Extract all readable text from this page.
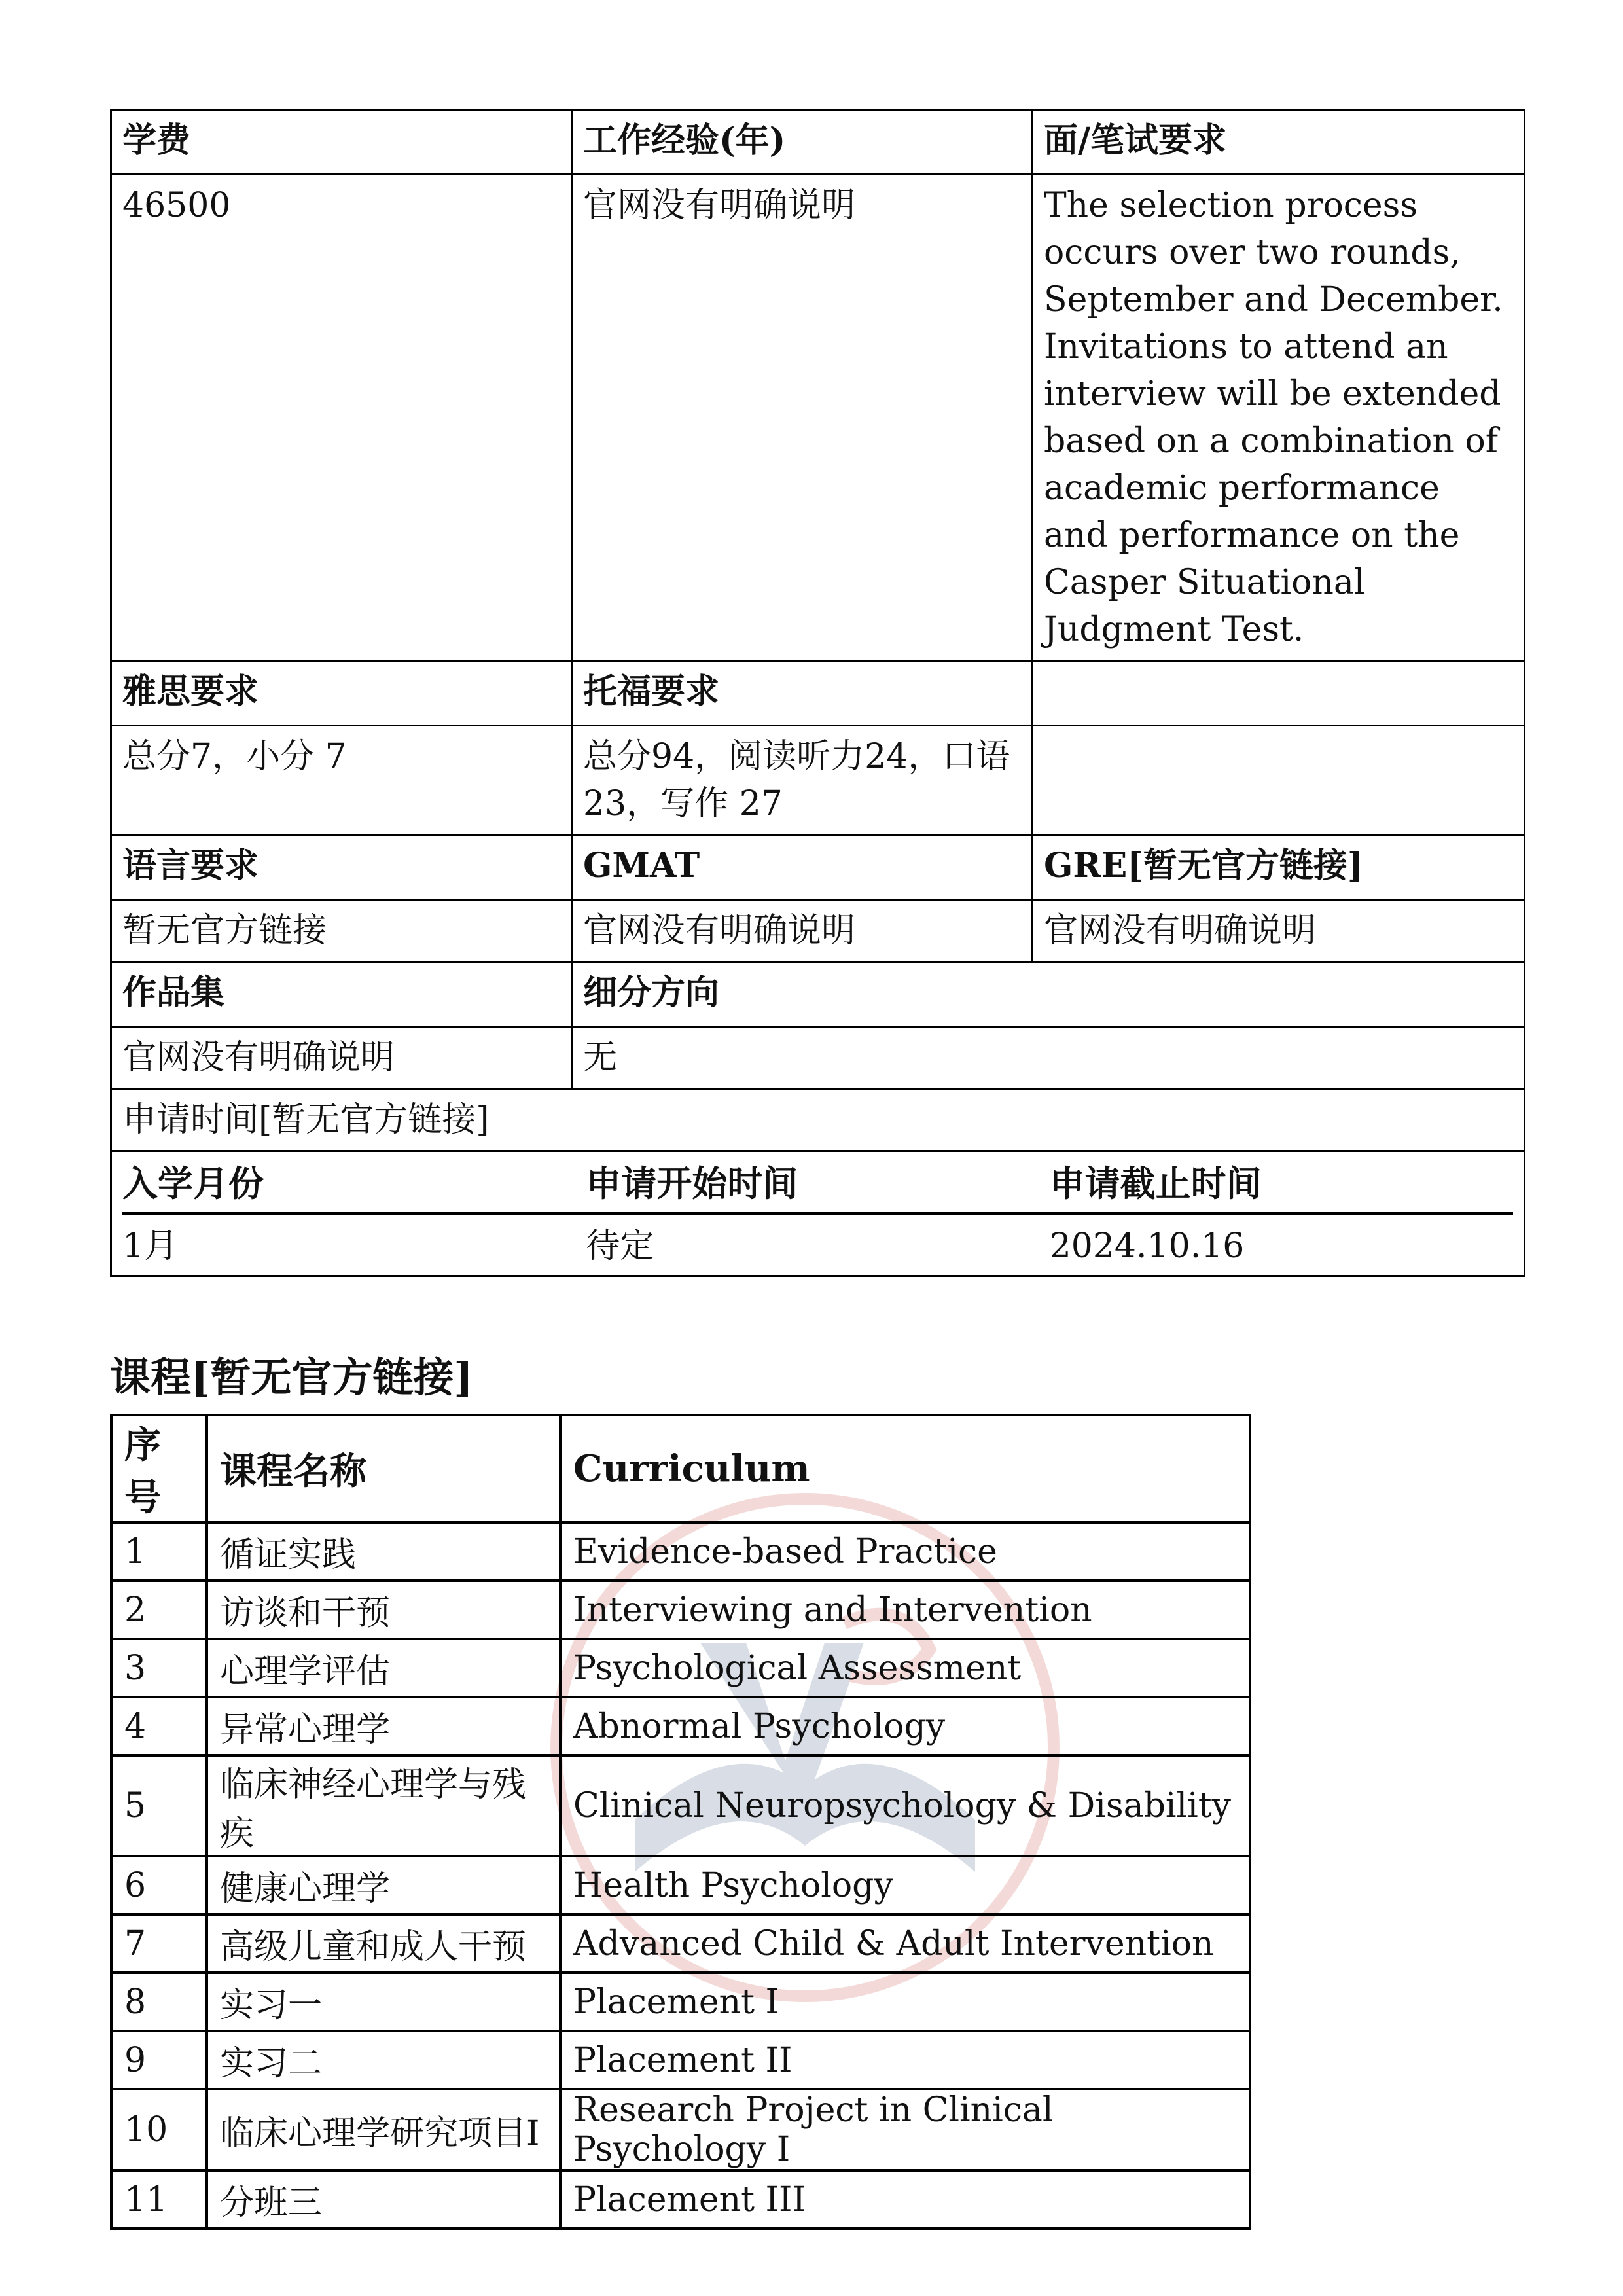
学费	工作经验(年)	面/笔试要求
46500	官网没有明确说明	The selection process occurs over two rounds, September and December. Invitations to attend an interview will be extended based on a combination of academic performance and performance on the Casper Situational Judgment Test.
雅思要求	托福要求	
总分7，小分 7	总分94，阅读听力24，口语23，写作 27	
语言要求	GMAT	GRE[暂无官方链接]
暂无官方链接	官网没有明确说明	官网没有明确说明
作品集	细分方向
官网没有明确说明	无
申请时间[暂无官方链接]

入学月份	申请开始时间	申请截止时间
1月	待定	2024.10.16
课程[暂无官方链接]
序号	课程名称	Curriculum
1	循证实践	Evidence-based Practice
2	访谈和干预	Interviewing and Intervention
3	心理学评估	Psychological Assessment
4	异常心理学	Abnormal Psychology
5	临床神经心理学与残疾	Clinical Neuropsychology & Disability
6	健康心理学	Health Psychology
7	高级儿童和成人干预	Advanced Child & Adult Intervention
8	实习一	Placement I
9	实习二	Placement II
10	临床心理学研究项目I	Research Project in Clinical Psychology I
11	分班三	Placement III
